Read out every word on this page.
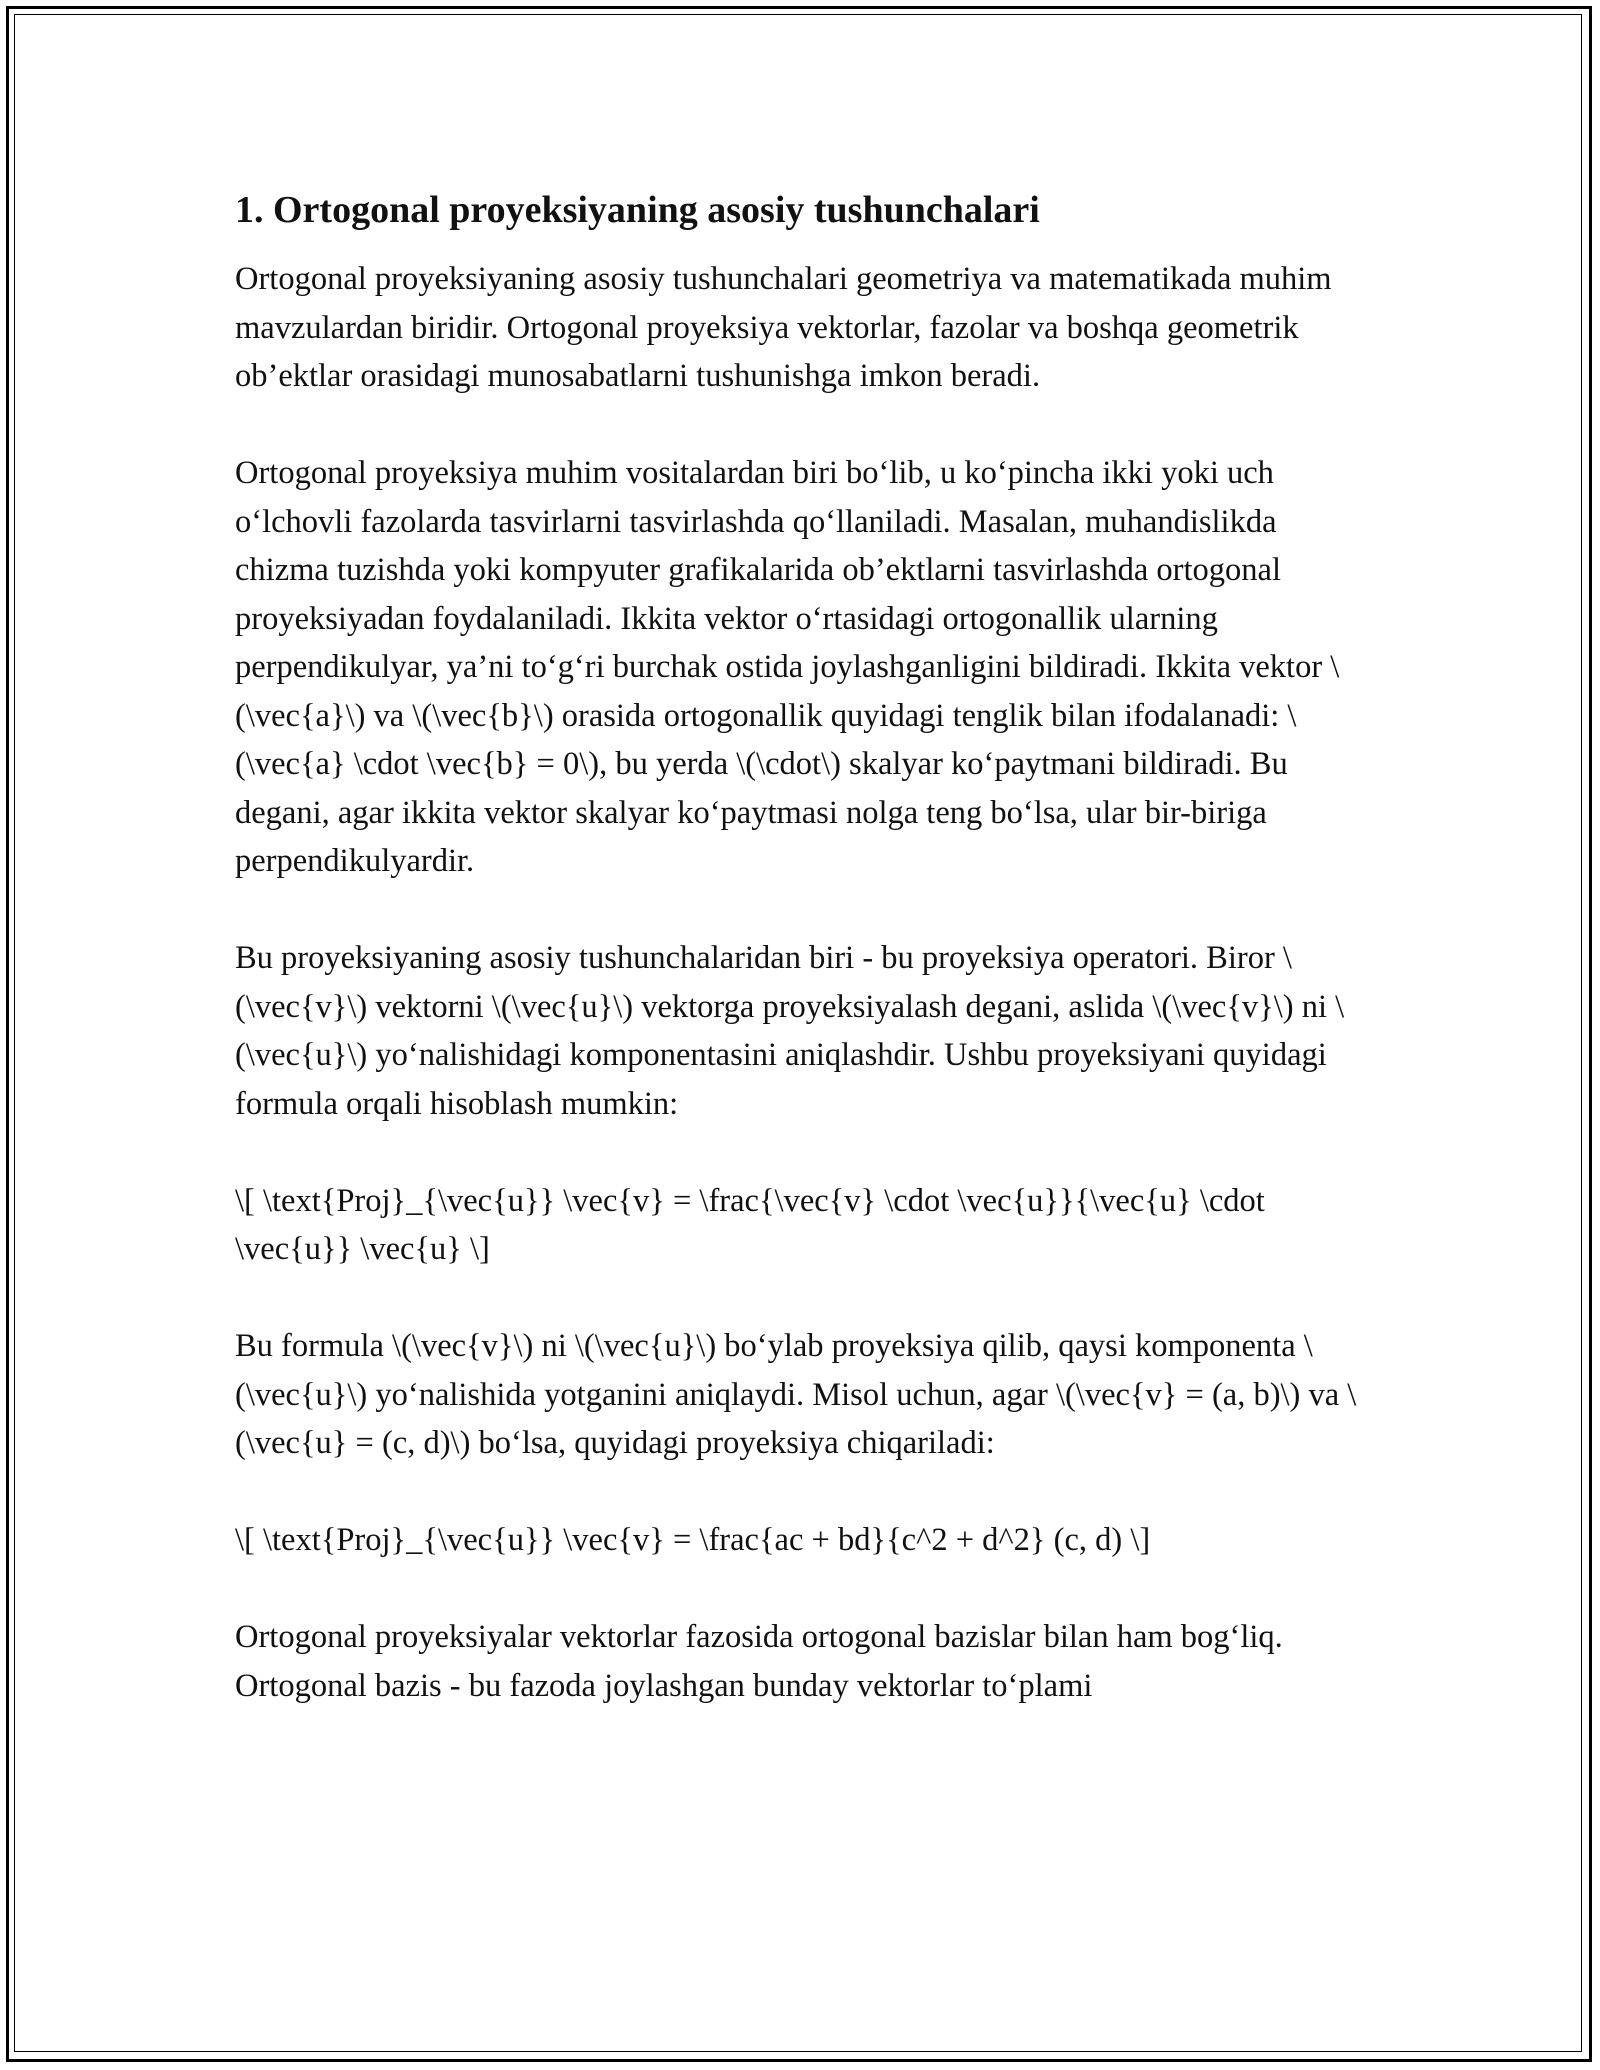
1. Ortogonal proyeksiyaning asosiy tushunchalari

Ortogonal proyeksiyaning asosiy tushunchalari geometriya va matematikada muhim mavzulardan biridir. Ortogonal proyeksiya vektorlar, fazolar va boshqa geometrik ob’ektlar orasidagi munosabatlarni tushunishga imkon beradi.

Ortogonal proyeksiya muhim vositalardan biri bo‘lib, u ko‘pincha ikki yoki uch o‘lchovli fazolarda tasvirlarni tasvirlashda qo‘llaniladi. Masalan, muhandislikda chizma tuzishda yoki kompyuter grafikalarida ob’ektlarni tasvirlashda ortogonal proyeksiyadan foydalaniladi. Ikkita vektor o‘rtasidagi ortogonallik ularning perpendikulyar, ya’ni to‘g‘ri burchak ostida joylashganligini bildiradi. Ikkita vektor \(\vec{a}\) va \(\vec{b}\) orasida ortogonallik quyidagi tenglik bilan ifodalanadi: \(\vec{a} \cdot \vec{b} = 0\), bu yerda \(\cdot\) skalyar ko‘paytmani bildiradi. Bu degani, agar ikkita vektor skalyar ko‘paytmasi nolga teng bo‘lsa, ular bir-biriga perpendikulyardir.

Bu proyeksiyaning asosiy tushunchalaridan biri - bu proyeksiya operatori. Biror \(\vec{v}\) vektorni \(\vec{u}\) vektorga proyeksiyalash degani, aslida \(\vec{v}\) ni \(\vec{u}\) yo‘nalishidagi komponentasini aniqlashdir. Ushbu proyeksiyani quyidagi formula orqali hisoblash mumkin:

\[ \text{Proj}_{\vec{u}} \vec{v} = \frac{\vec{v} \cdot \vec{u}}{\vec{u} \cdot \vec{u}} \vec{u} \]

Bu formula \(\vec{v}\) ni \(\vec{u}\) bo‘ylab proyeksiya qilib, qaysi komponenta \(\vec{u}\) yo‘nalishida yotganini aniqlaydi. Misol uchun, agar \(\vec{v} = (a, b)\) va \(\vec{u} = (c, d)\) bo‘lsa, quyidagi proyeksiya chiqariladi:

\[ \text{Proj}_{\vec{u}} \vec{v} = \frac{ac + bd}{c^2 + d^2} (c, d) \]

Ortogonal proyeksiyalar vektorlar fazosida ortogonal bazislar bilan ham bog‘liq. Ortogonal bazis - bu fazoda joylashgan bunday vektorlar to‘plami
